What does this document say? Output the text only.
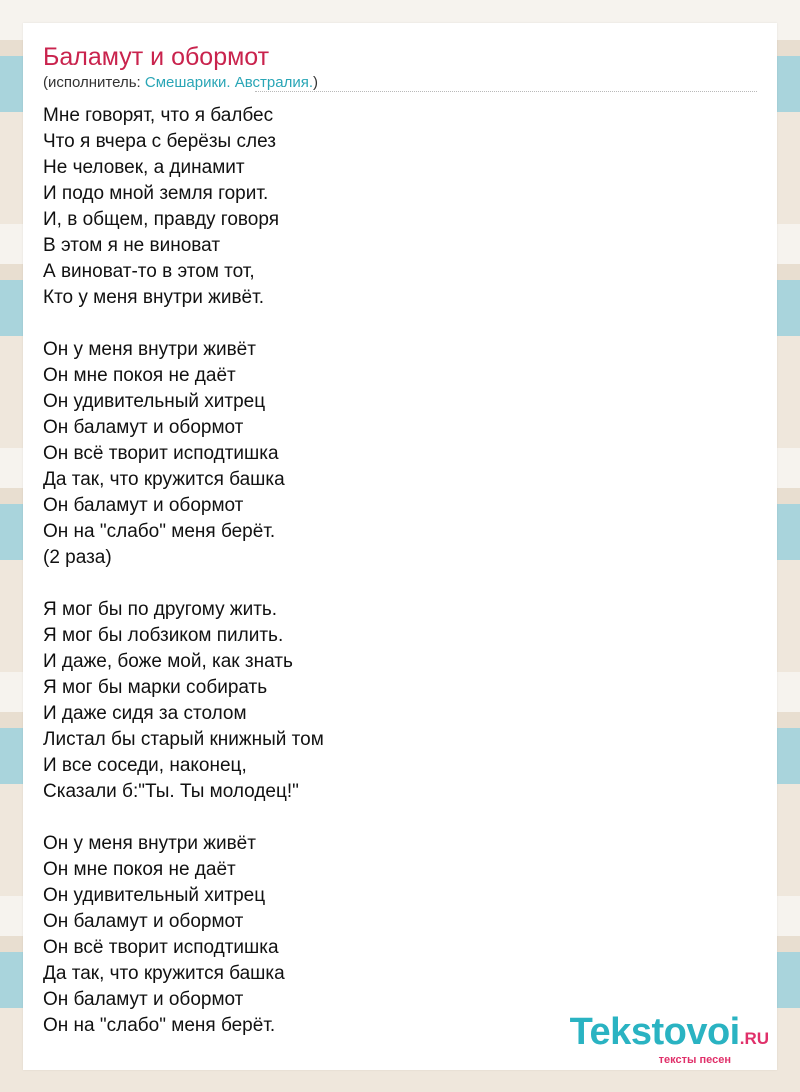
Баламут и обормот
(исполнитель: Смешарики. Австралия.)
Мне говорят, что я балбес
Что я вчера с берёзы слез
Не человек, а динамит
И подо мной земля горит.
И, в общем, правду говоря
В этом я не виноват
А виноват-то в этом тот,
Кто у меня внутри живёт.
Он у меня внутри живёт
Он мне покоя не даёт
Он удивительный хитрец
Он баламут и обормот
Он всё творит исподтишка
Да так, что кружится башка
Он баламут и обормот
Он на "слабо" меня берёт.
(2 раза)
Я мог бы по другому жить.
Я мог бы лобзиком пилить.
И даже, боже мой, как знать
Я мог бы марки собирать
И даже сидя за столом
Листал бы старый книжный том
И все соседи, наконец,
Сказали б:"Ты. Ты молодец!"
Он у меня внутри живёт
Он мне покоя не даёт
Он удивительный хитрец
Он баламут и обормот
Он всё творит исподтишка
Да так, что кружится башка
Он баламут и обормот
Он на "слабо" меня берёт.	Tekstovoi.RU
тексты песен
